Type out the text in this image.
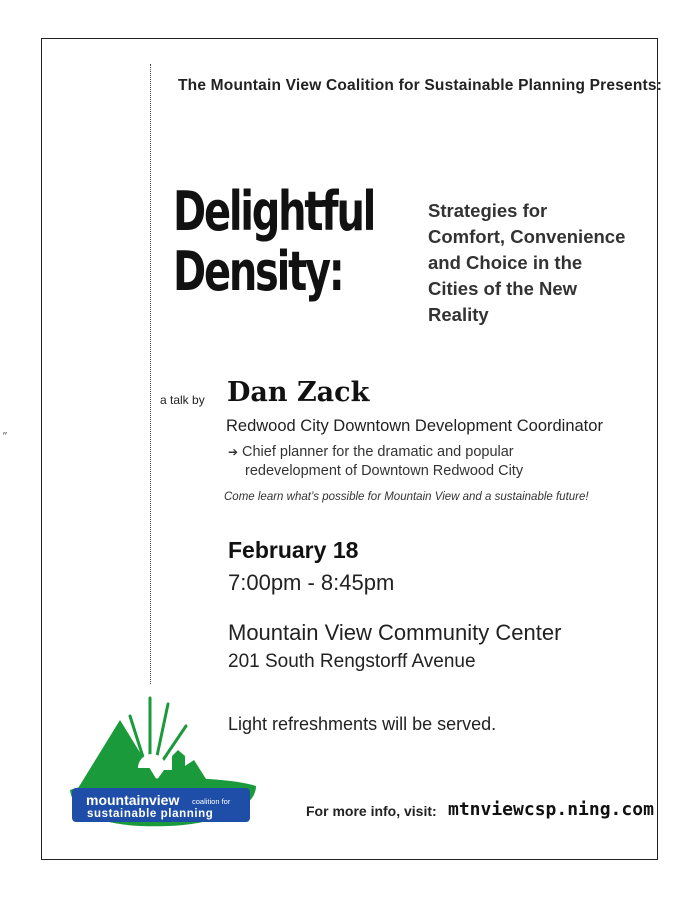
”
The Mountain View Coalition for Sustainable Planning Presents:
Delightful
Density:
Strategies for
Comfort, Convenience
and Choice in the
Cities of the New
Reality
a talk by Dan Zack
Redwood City Downtown Development Coordinator
➔ Chief planner for the dramatic and popular
redevelopment of Downtown Redwood City
Come learn what’s possible for Mountain View and a sustainable future!
February 18
7:00pm - 8:45pm
Mountain View Community Center
201 South Rengstorff Avenue
Light refreshments will be served.
For more info, visit: mtnviewcsp.ning.com
mountainview coalition for
sustainable planning
